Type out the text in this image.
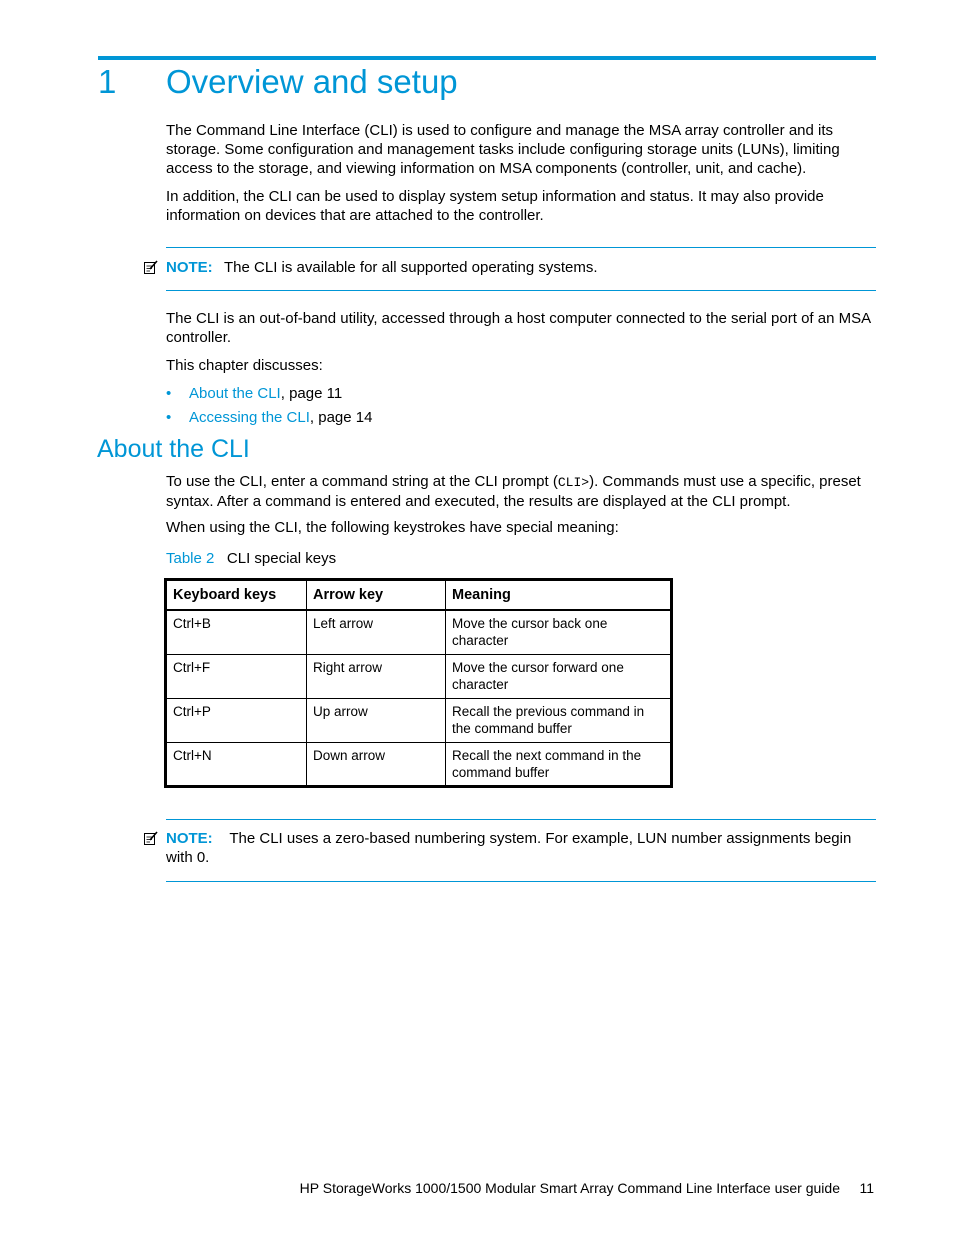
1 Overview and setup
The Command Line Interface (CLI) is used to configure and manage the MSA array controller and its storage. Some configuration and management tasks include configuring storage units (LUNs), limiting access to the storage, and viewing information on MSA components (controller, unit, and cache).
In addition, the CLI can be used to display system setup information and status. It may also provide information on devices that are attached to the controller.
NOTE: The CLI is available for all supported operating systems.
The CLI is an out-of-band utility, accessed through a host computer connected to the serial port of an MSA controller.
This chapter discusses:
• About the CLI, page 11
• Accessing the CLI, page 14
About the CLI
To use the CLI, enter a command string at the CLI prompt (CLI>). Commands must use a specific, preset syntax. After a command is entered and executed, the results are displayed at the CLI prompt.
When using the CLI, the following keystrokes have special meaning:
Table 2 CLI special keys
Keyboard keys	Arrow key	Meaning
Ctrl+B	Left arrow	Move the cursor back one character
Ctrl+F	Right arrow	Move the cursor forward one character
Ctrl+P	Up arrow	Recall the previous command in the command buffer
Ctrl+N	Down arrow	Recall the next command in the command buffer
NOTE: The CLI uses a zero-based numbering system. For example, LUN number assignments begin with 0.
HP StorageWorks 1000/1500 Modular Smart Array Command Line Interface user guide 11
